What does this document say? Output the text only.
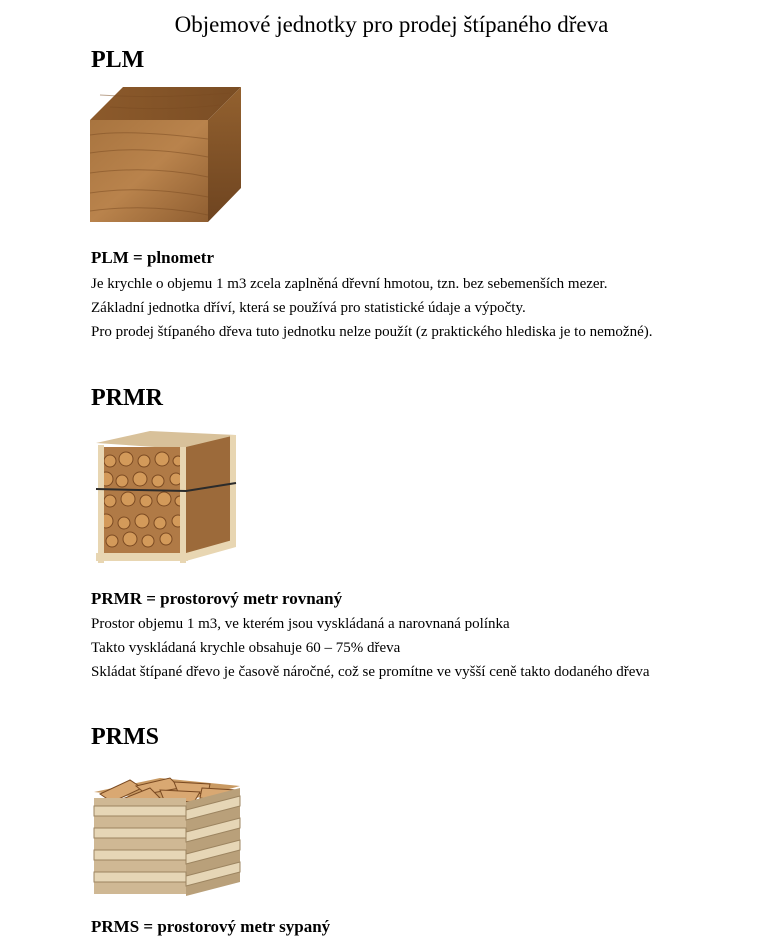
Objemové jednotky pro prodej štípaného dřeva
PLM
PLM = plnometr

Je krychle o objemu 1 m3 zcela zaplněná dřevní hmotou, tzn. bez sebemenších mezer.

Základní jednotka dříví, která se používá pro statistické údaje a výpočty.

Pro prodej štípaného dřeva tuto jednotku nelze použít (z praktického hlediska je to nemožné).

PRMR
PRMR = prostorový metr rovnaný

Prostor objemu 1 m3, ve kterém jsou vyskládaná a narovnaná polínka

Takto vyskládaná krychle obsahuje 60 – 75% dřeva

Skládat štípané dřevo je časově náročné, což se promítne ve vyšší ceně takto dodaného dřeva

PRMS
PRMS = prostorový metr sypaný
